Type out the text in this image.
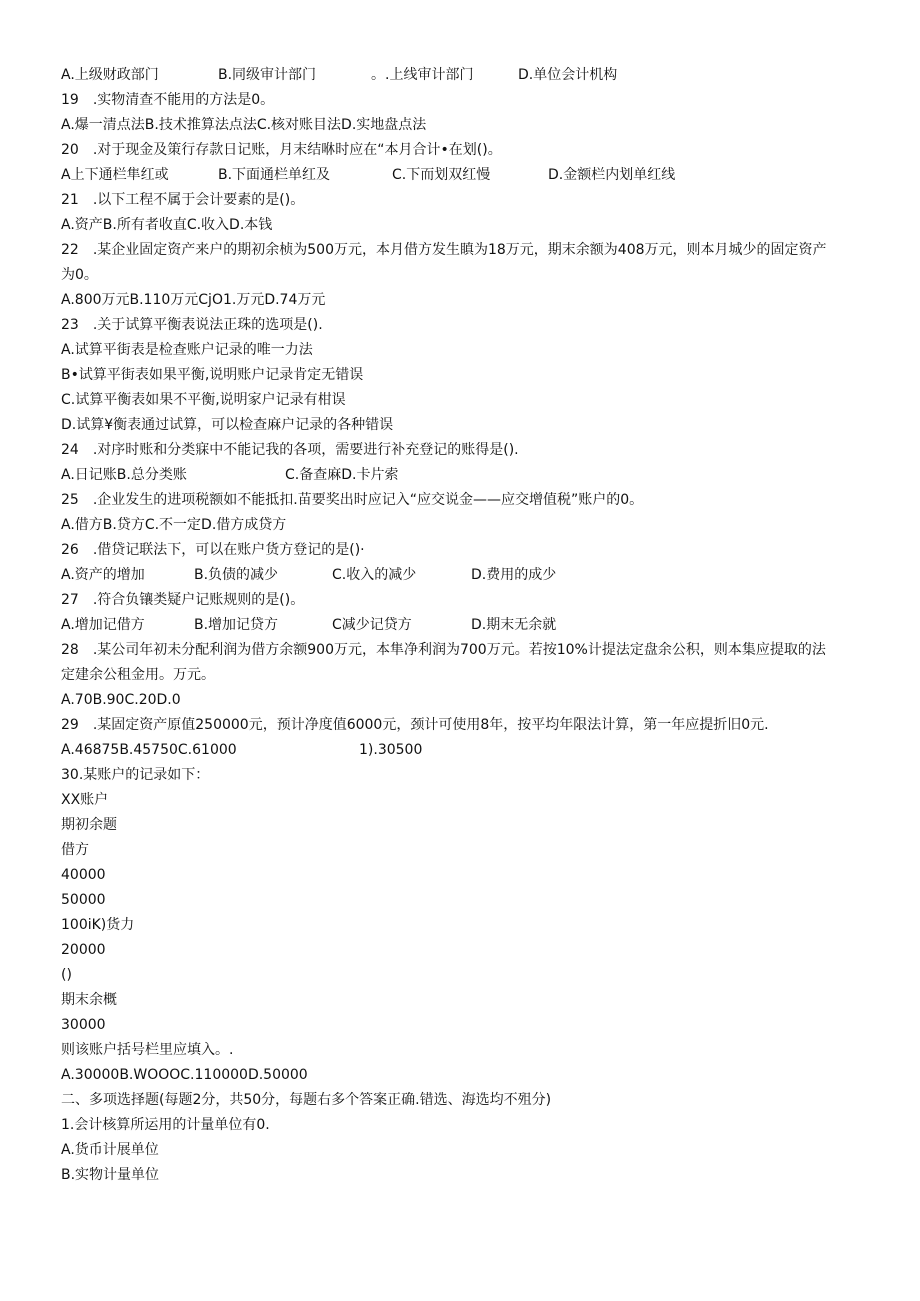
A.上级财政部门	B.同级审计部门	。.上线审计部门	D.单位会计机构
19　.实物清查不能用的方法是0。
A.爆一清点法B.技术推算法点法C.核对账目法D.实地盘点法
20　.对于现金及策行存款日记账，月末结咻时应在“本月合计•在划()。
A上下通栏隼红或	B.下面通栏单红及	C.下而划双红慢	D.金额栏内划单红线
21　.以下工程不属于会计要素的是()。
A.资产B.所有者收直C.收入D.本钱
22　.某企业固定资产来户的期初余桢为500万元，本月借方发生瞋为18万元，期末余额为408万元，则本月城少的固定资产
为0。
A.800万元B.110万元CjO1.万元D.74万元
23　.关于试算平衡表说法正珠的选项是().
A.试算平街表是检查账户记录的唯一力法
B•试算平街表如果平衡,说明账户记录肯定无错误
C.试算平衡表如果不平衡,说明家户记录有柑误
D.试算¥衡表通过试算，可以检查麻户记录的各种错误
24　.对序时账和分类寐中不能记我的各项，需要进行补充登记的账得是().
A.日记账B.总分类账	C.备查麻D.卡片索
25　.企业发生的进项税额如不能抵扣.苗要奖出时应记入“应交说金——应交增值税”账户的0。
A.借方B.贷方C.不一定D.借方成贷方
26　.借贷记联法下，可以在账户货方登记的是()·
A.资产的增加	B.负债的减少	C.收入的减少	D.费用的成少
27　.符合负镶类疑户记账规则的是()。
A.增加记借方	B.增加记贷方	C减少记贷方	D.期末无余就
28　.某公司年初未分配利润为借方余额900万元，本隼净利润为700万元。若按10%计提法定盘余公积，则本集应提取的法
定建余公租金用。万元。
A.70B.90C.20D.0
29　.某固定资产原值250000元，预计净度值6000元，颈计可使用8年，按平均年限法计算，第一年应提折旧0元.
A.46875B.45750C.61000	1).30500
30.某账户的记录如下：
XX账户
期初余题
借方
40000
50000
100iK)货力
20000
()
期末余概
30000
则该账户括号栏里应填入。.
A.30000B.WOOOC.110000D.50000
二、多项选择题(每题2分，共50分，每题右多个答案正确.错选、海选均不殂分)
1.会计核算所运用的计量单位有0.
A.货币计展单位
B.实物计量单位
